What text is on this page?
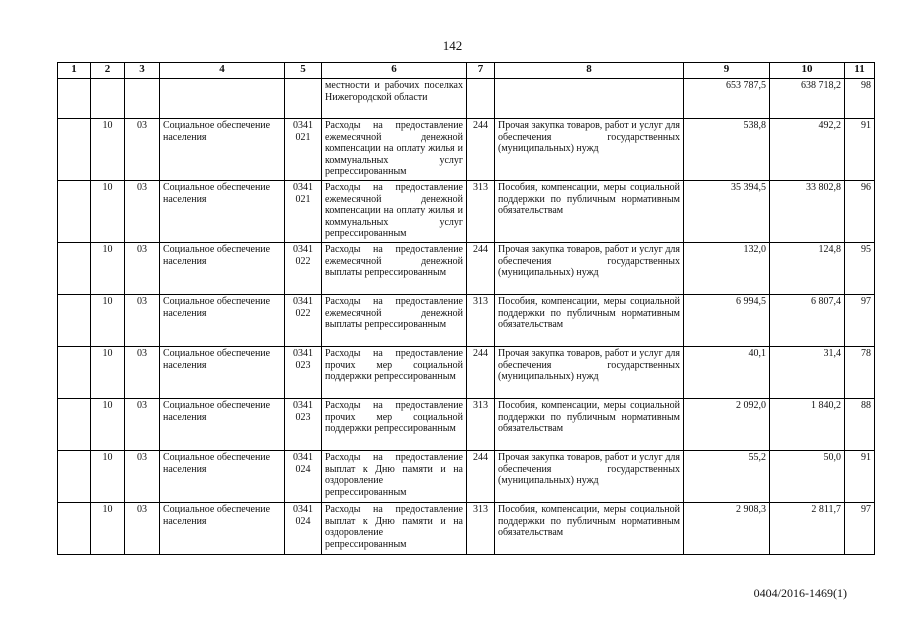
142
1	2	3	4	5	6	7	8	9	10	11
					местности и рабочих поселках Нижегородской области			653 787,5	638 718,2	98
	10	03	Социальное обеспечение населения	0341 021	Расходы на предоставление ежемесячной денежной компенсации на оплату жилья и коммунальных услуг репрессированным	244	Прочая закупка товаров, работ и услуг для обеспечения государственных (муниципальных) нужд	538,8	492,2	91
	10	03	Социальное обеспечение населения	0341 021	Расходы на предоставление ежемесячной денежной компенсации на оплату жилья и коммунальных услуг репрессированным	313	Пособия, компенсации, меры социальной поддержки по публичным нормативным обязательствам	35 394,5	33 802,8	96
	10	03	Социальное обеспечение населения	0341 022	Расходы на предоставление ежемесячной денежной выплаты репрессированным	244	Прочая закупка товаров, работ и услуг для обеспечения государственных (муниципальных) нужд	132,0	124,8	95
	10	03	Социальное обеспечение населения	0341 022	Расходы на предоставление ежемесячной денежной выплаты репрессированным	313	Пособия, компенсации, меры социальной поддержки по публичным нормативным обязательствам	6 994,5	6 807,4	97
	10	03	Социальное обеспечение населения	0341 023	Расходы на предоставление прочих мер социальной поддержки репрессированным	244	Прочая закупка товаров, работ и услуг для обеспечения государственных (муниципальных) нужд	40,1	31,4	78
	10	03	Социальное обеспечение населения	0341 023	Расходы на предоставление прочих мер социальной поддержки репрессированным	313	Пособия, компенсации, меры социальной поддержки по публичным нормативным обязательствам	2 092,0	1 840,2	88
	10	03	Социальное обеспечение населения	0341 024	Расходы на предоставление выплат к Дню памяти и на оздоровление репрессированным	244	Прочая закупка товаров, работ и услуг для обеспечения государственных (муниципальных) нужд	55,2	50,0	91
	10	03	Социальное обеспечение населения	0341 024	Расходы на предоставление выплат к Дню памяти и на оздоровление репрессированным	313	Пособия, компенсации, меры социальной поддержки по публичным нормативным обязательствам	2 908,3	2 811,7	97
0404/2016-1469(1)
